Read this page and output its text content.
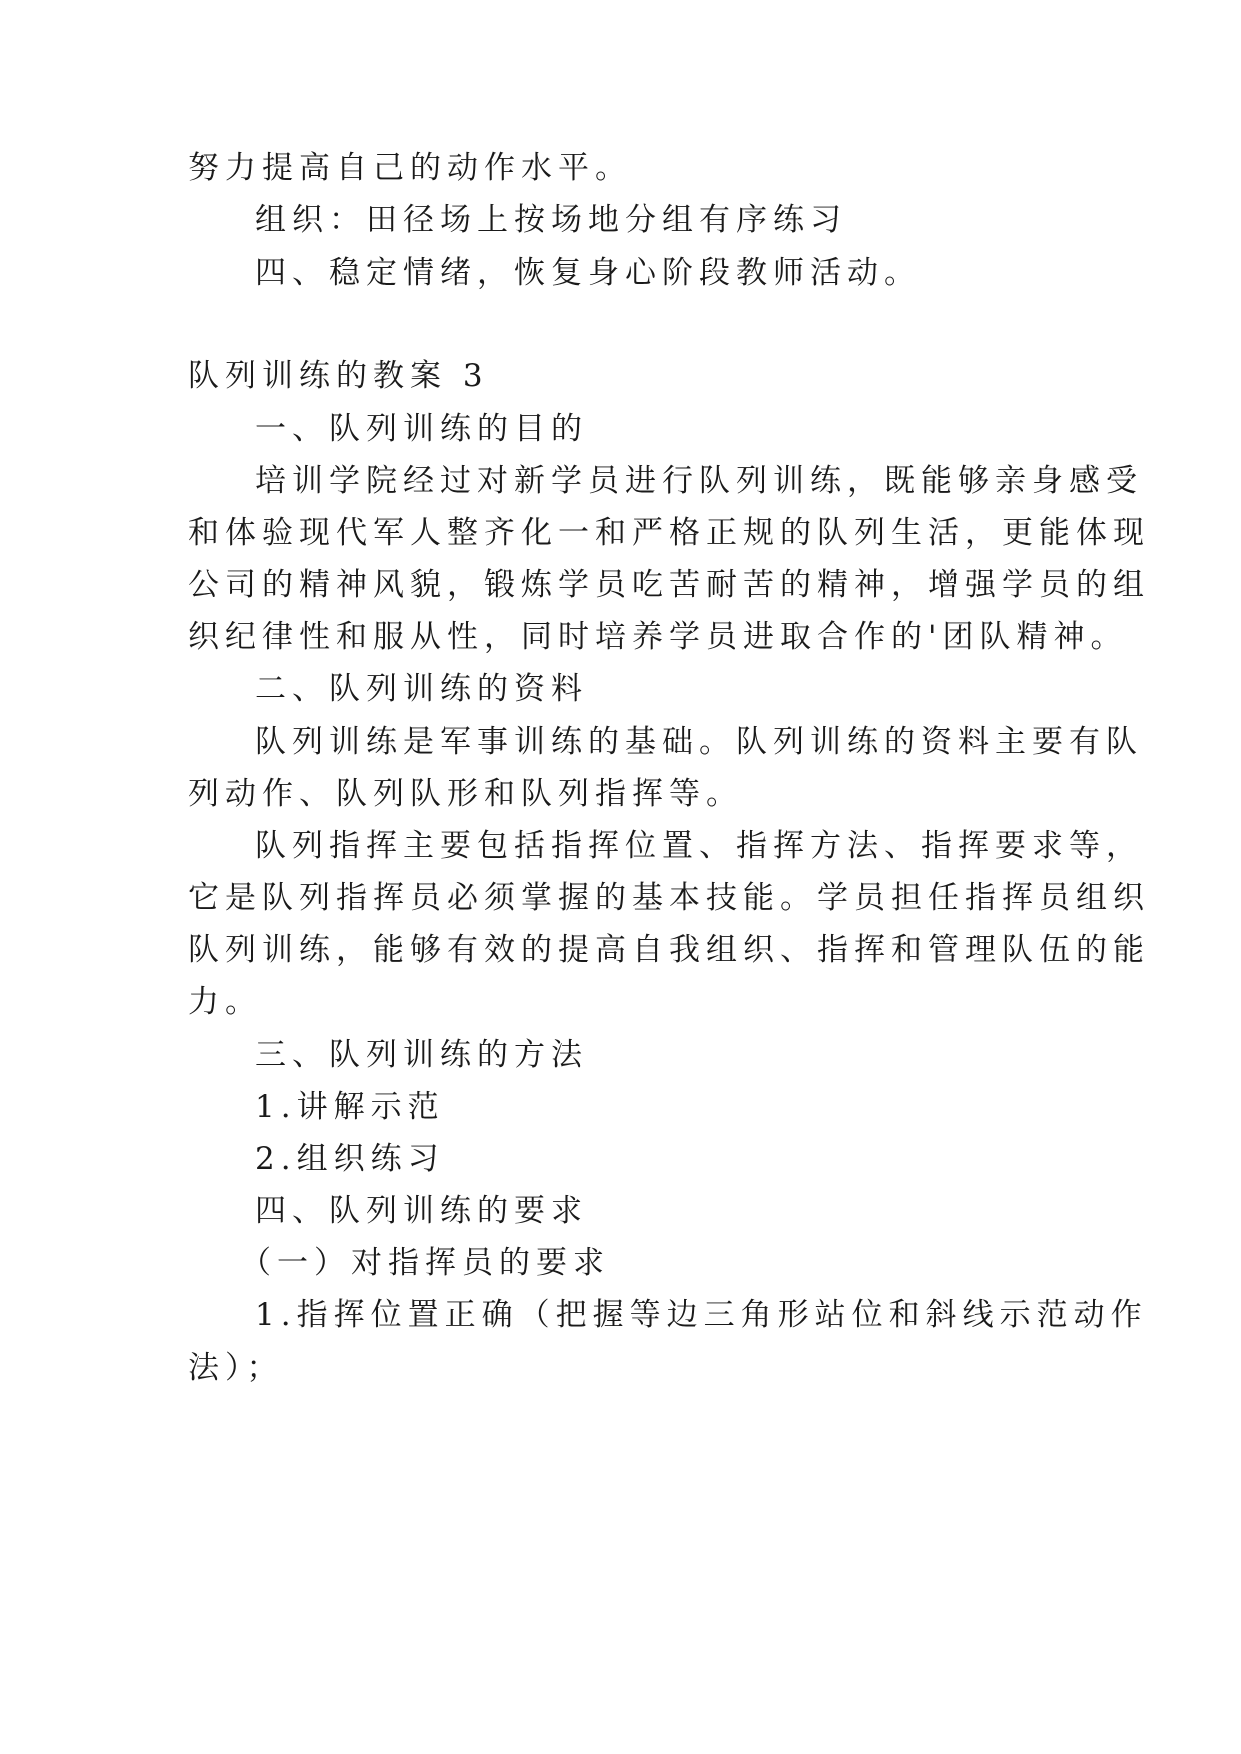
努力提高自己的动作水平。
组织：田径场上按场地分组有序练习
四、稳定情绪，恢复身心阶段教师活动。
队列训练的教案 3
一、队列训练的目的
培训学院经过对新学员进行队列训练，既能够亲身感受
和体验现代军人整齐化一和严格正规的队列生活，更能体现
公司的精神风貌，锻炼学员吃苦耐苦的精神，增强学员的组
织纪律性和服从性，同时培养学员进取合作的'团队精神。
二、队列训练的资料
队列训练是军事训练的基础。队列训练的资料主要有队
列动作、队列队形和队列指挥等。
队列指挥主要包括指挥位置、指挥方法、指挥要求等，
它是队列指挥员必须掌握的基本技能。学员担任指挥员组织
队列训练，能够有效的提高自我组织、指挥和管理队伍的能
力。
三、队列训练的方法
1.讲解示范
2.组织练习
四、队列训练的要求
（一）对指挥员的要求
1.指挥位置正确（把握等边三角形站位和斜线示范动作
法）；
